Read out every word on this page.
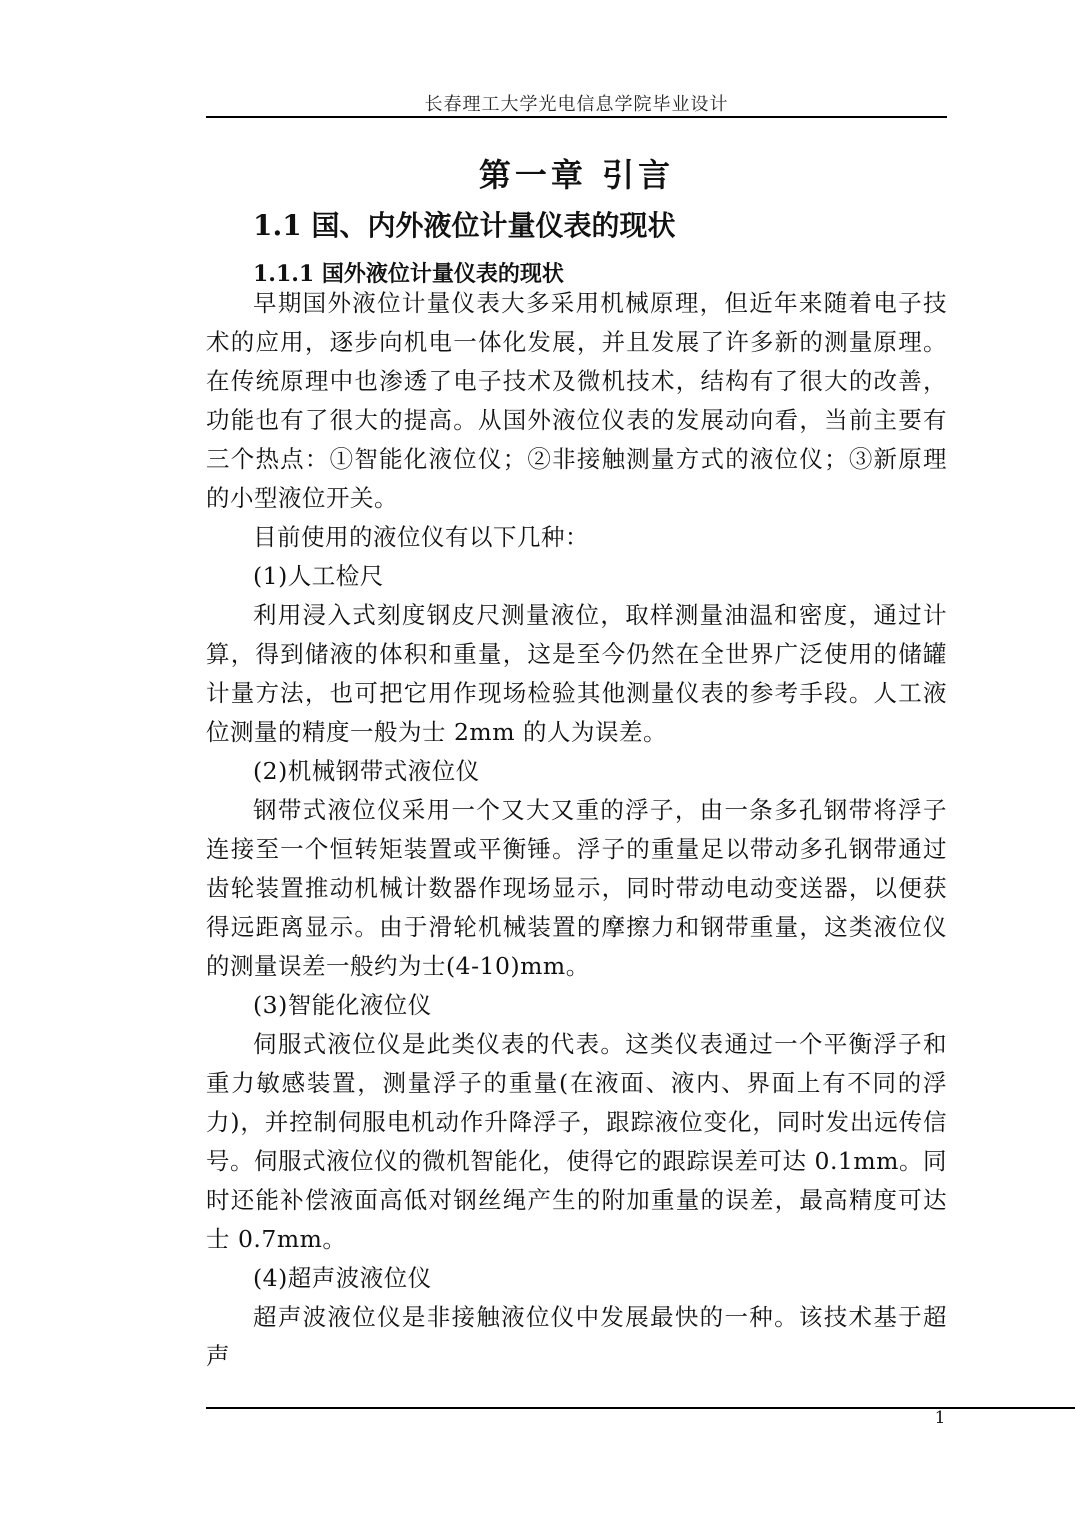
长春理工大学光电信息学院毕业设计
第一章 引言
1.1 国、内外液位计量仪表的现状
1.1.1 国外液位计量仪表的现状

早期国外液位计量仪表大多采用机械原理，但近年来随着电子技术的应用，逐步向机电一体化发展，并且发展了许多新的测量原理。在传统原理中也渗透了电子技术及微机技术，结构有了很大的改善，功能也有了很大的提高。从国外液位仪表的发展动向看，当前主要有三个热点：①智能化液位仪；②非接触测量方式的液位仪；③新原理的小型液位开关。

目前使用的液位仪有以下几种：

(1)人工检尺

利用浸入式刻度钢皮尺测量液位，取样测量油温和密度，通过计算，得到储液的体积和重量，这是至今仍然在全世界广泛使用的储罐计量方法，也可把它用作现场检验其他测量仪表的参考手段。人工液位测量的精度一般为士 2mm 的人为误差。

(2)机械钢带式液位仪

钢带式液位仪采用一个又大又重的浮子，由一条多孔钢带将浮子连接至一个恒转矩装置或平衡锤。浮子的重量足以带动多孔钢带通过齿轮装置推动机械计数器作现场显示，同时带动电动变送器，以便获得远距离显示。由于滑轮机械装置的摩擦力和钢带重量，这类液位仪的测量误差一般约为士(4-10)mm。

(3)智能化液位仪

伺服式液位仪是此类仪表的代表。这类仪表通过一个平衡浮子和重力敏感装置，测量浮子的重量(在液面、液内、界面上有不同的浮力)，并控制伺服电机动作升降浮子，跟踪液位变化，同时发出远传信号。伺服式液位仪的微机智能化，使得它的跟踪误差可达 0.1mm。同时还能补偿液面高低对钢丝绳产生的附加重量的误差，最高精度可达士 0.7mm。

(4)超声波液位仪

超声波液位仪是非接触液位仪中发展最快的一种。该技术基于超声

1
